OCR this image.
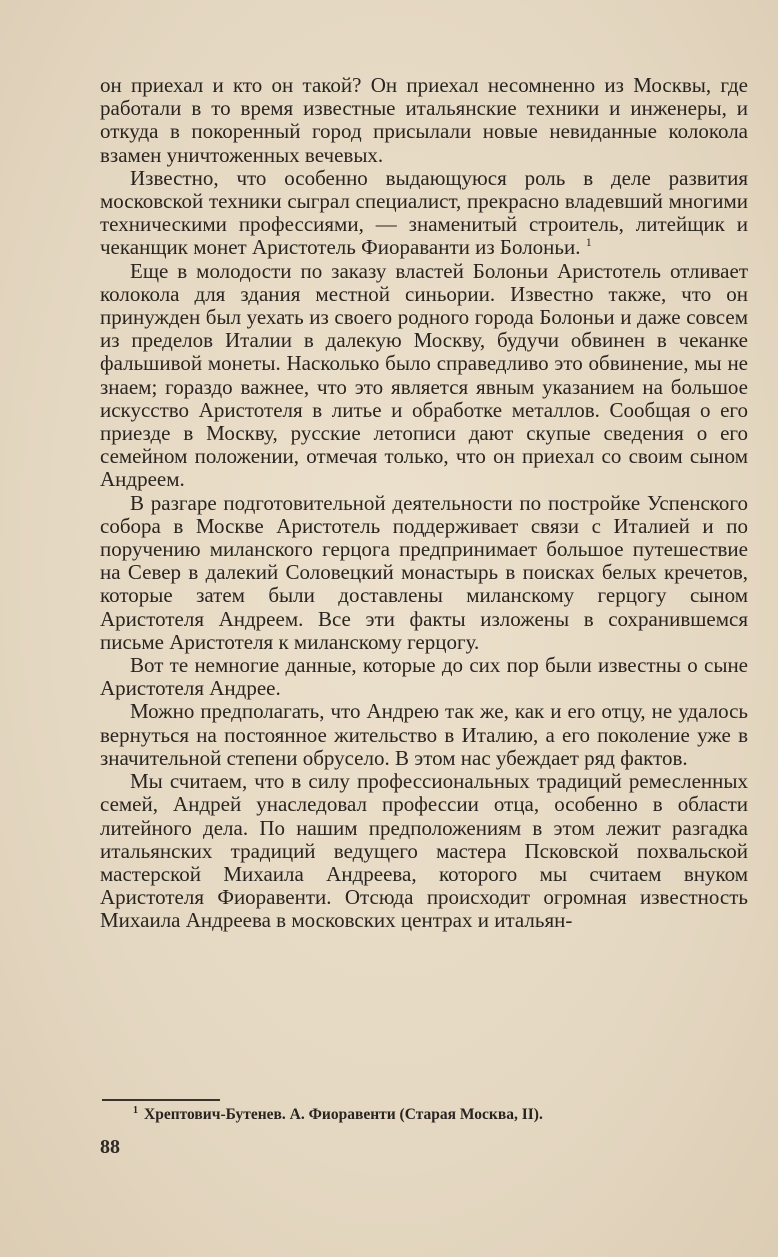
он приехал и кто он такой? Он приехал несомненно из Москвы, где работали в то время известные итальянские техники и инженеры, и откуда в покоренный город присылали новые невиданные колокола взамен уничтоженных вечевых.

Известно, что особенно выдающуюся роль в деле развития московской техники сыграл специалист, прекрасно владевший многими техническими профессиями, — знаменитый строитель, литейщик и чеканщик монет Аристотель Фиораванти из Болоньи. $^1$

Еще в молодости по заказу властей Болоньи Аристотель отливает колокола для здания местной синьории. Известно также, что он принужден был уехать из своего родного города Болоньи и даже совсем из пределов Италии в далекую Москву, будучи обвинен в чеканке фальшивой монеты. Насколько было справедливо это обвинение, мы не знаем; гораздо важнее, что это является явным указанием на большое искусство Аристотеля в литье и обработке металлов. Сообщая о его приезде в Москву, русские летописи дают скупые сведения о его семейном положении, отмечая только, что он приехал со своим сыном Андреем.

В разгаре подготовительной деятельности по постройке Успенского собора в Москве Аристотель поддерживает связи с Италией и по поручению миланского герцога предпринимает большое путешествие на Север в далекий Соловецкий монастырь в поисках белых кречетов, которые затем были доставлены миланскому герцогу сыном Аристотеля Андреем. Все эти факты изложены в сохранившемся письме Аристотеля к миланскому герцогу.

Вот те немногие данные, которые до сих пор были известны о сыне Аристотеля Андрее.

Можно предполагать, что Андрею так же, как и его отцу, не удалось вернуться на постоянное жительство в Италию, а его поколение уже в значительной степени обрусело. В этом нас убеждает ряд фактов.

Мы считаем, что в силу профессиональных традиций ремесленных семей, Андрей унаследовал профессии отца, особенно в области литейного дела. По нашим предположениям в этом лежит разгадка итальянских традиций ведущего мастера Псковской похвальской мастерской Михаила Андреева, которого мы считаем внуком Аристотеля Фиоравенти. Отсюда происходит огромная известность Михаила Андреева в московских центрах и итальян-

$^1$ Хрептович-Бутенев. А. Фиоравенти (Старая Москва, II).
88
